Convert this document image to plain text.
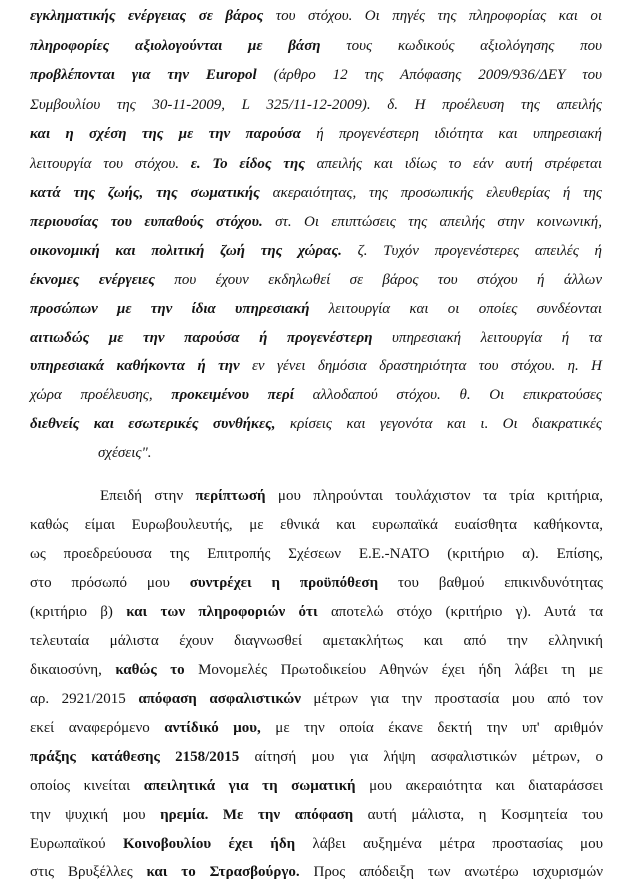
εγκληματικής ενέργειας σε βάρος του στόχου. Οι πηγές της πληροφορίας και οι
πληροφορίες αξιολογούνται με βάση τους κωδικούς αξιολόγησης που
προβλέπονται για την Europol (άρθρο 12 της Απόφασης 2009/936/ΔΕΥ του
Συμβουλίου της 30-11-2009, L 325/11-12-2009). δ. Η προέλευση της απειλής
και η σχέση της με την παρούσα ή προγενέστερη ιδιότητα και υπηρεσιακή
λειτουργία του στόχου. ε. Το είδος της απειλής και ιδίως το εάν αυτή στρέφεται
κατά της ζωής, της σωματικής ακεραιότητας, της προσωπικής ελευθερίας ή της
περιουσίας του ευπαθούς στόχου. στ. Οι επιπτώσεις της απειλής στην κοινωνική,
οικονομική και πολιτική ζωή της χώρας. ζ. Τυχόν προγενέστερες απειλές ή
έκνομες ενέργειες που έχουν εκδηλωθεί σε βάρος του στόχου ή άλλων
προσώπων με την ίδια υπηρεσιακή λειτουργία και οι οποίες συνδέονται
αιτιωδώς με την παρούσα ή προγενέστερη υπηρεσιακή λειτουργία ή τα
υπηρεσιακά καθήκοντα ή την εν γένει δημόσια δραστηριότητα του στόχου. η. Η
χώρα προέλευσης, προκειμένου περί αλλοδαπού στόχου. θ. Οι επικρατούσες
διεθνείς και εσωτερικές συνθήκες, κρίσεις και γεγονότα και ι. Οι διακρατικές
σχέσεις".
Επειδή στην περίπτωσή μου πληρούνται τουλάχιστον τα τρία κριτήρια,
καθώς είμαι Ευρωβουλευτής, με εθνικά και ευρωπαϊκά ευαίσθητα καθήκοντα,
ως προεδρεύουσα της Επιτροπής Σχέσεων Ε.Ε.-ΝΑΤΟ (κριτήριο α). Επίσης,
στο πρόσωπό μου συντρέχει η προϋπόθεση του βαθμού επικινδυνότητας
(κριτήριο β) και των πληροφοριών ότι αποτελώ στόχο (κριτήριο γ). Αυτά τα
τελευταία μάλιστα έχουν διαγνωσθεί αμετακλήτως και από την ελληνική
δικαιοσύνη, καθώς το Μονομελές Πρωτοδικείου Αθηνών έχει ήδη λάβει τη με
αρ. 2921/2015 απόφαση ασφαλιστικών μέτρων για την προστασία μου από τον
εκεί αναφερόμενο αντίδικό μου, με την οποία έκανε δεκτή την υπ' αριθμόν
πράξης κατάθεσης 2158/2015 αίτησή μου για λήψη ασφαλιστικών μέτρων, ο
οποίος κινείται απειλητικά για τη σωματική μου ακεραιότητα και διαταράσσει
την ψυχική μου ηρεμία. Με την απόφαση αυτή μάλιστα, η Κοσμητεία του
Ευρωπαϊκού Κοινοβουλίου έχει ήδη λάβει αυξημένα μέτρα προστασίας μου
στις Βρυξέλλες και το Στρασβούργο. Προς απόδειξη των ανωτέρω ισχυρισμών
